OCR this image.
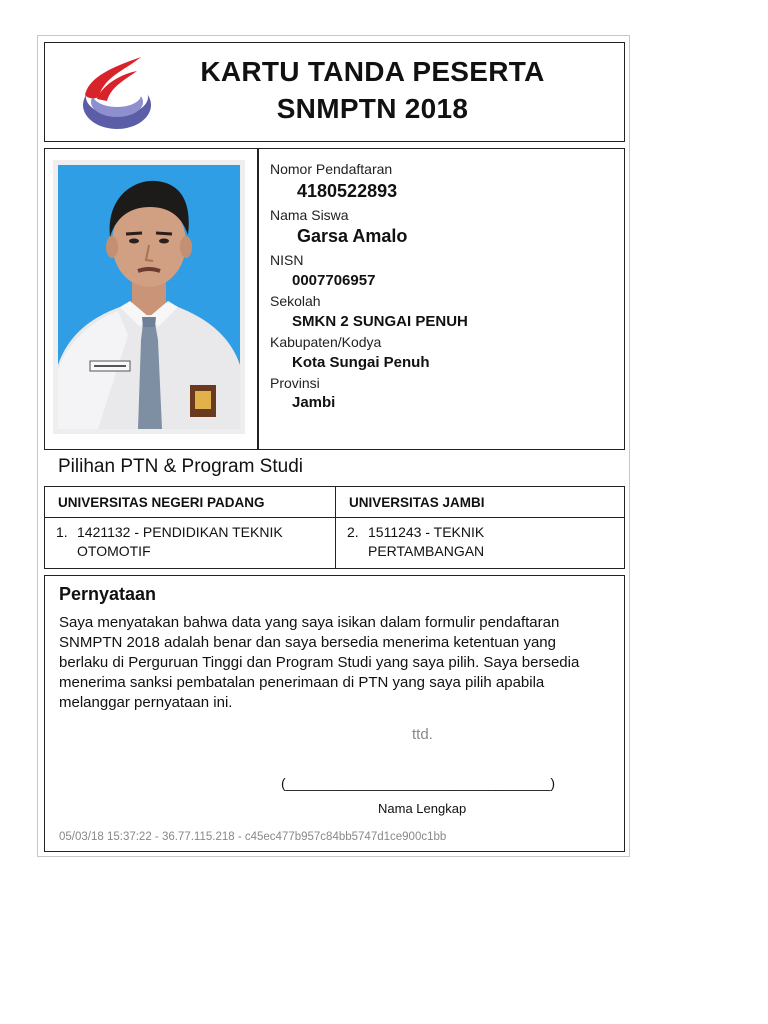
KARTU TANDA PESERTA
SNMPTN 2018
Nomor Pendaftaran
4180522893
Nama Siswa
Garsa Amalo
NISN
0007706957
Sekolah
SMKN 2 SUNGAI PENUH
Kabupaten/Kodya
Kota Sungai Penuh
Provinsi
Jambi
Pilihan PTN & Program Studi
UNIVERSITAS NEGERI PADANG
1. 1421132 - PENDIDIKAN TEKNIK OTOMOTIF
UNIVERSITAS JAMBI
2. 1511243 - TEKNIK PERTAMBANGAN
Pernyataan
Saya menyatakan bahwa data yang saya isikan dalam formulir pendaftaran SNMPTN 2018 adalah benar dan saya bersedia menerima ketentuan yang berlaku di Perguruan Tinggi dan Program Studi yang saya pilih. Saya bersedia menerima sanksi pembatalan penerimaan di PTN yang saya pilih apabila melanggar pernyataan ini.
ttd.
(__________________________________)
Nama Lengkap
05/03/18 15:37:22 - 36.77.115.218 - c45ec477b957c84bb5747d1ce900c1bb
